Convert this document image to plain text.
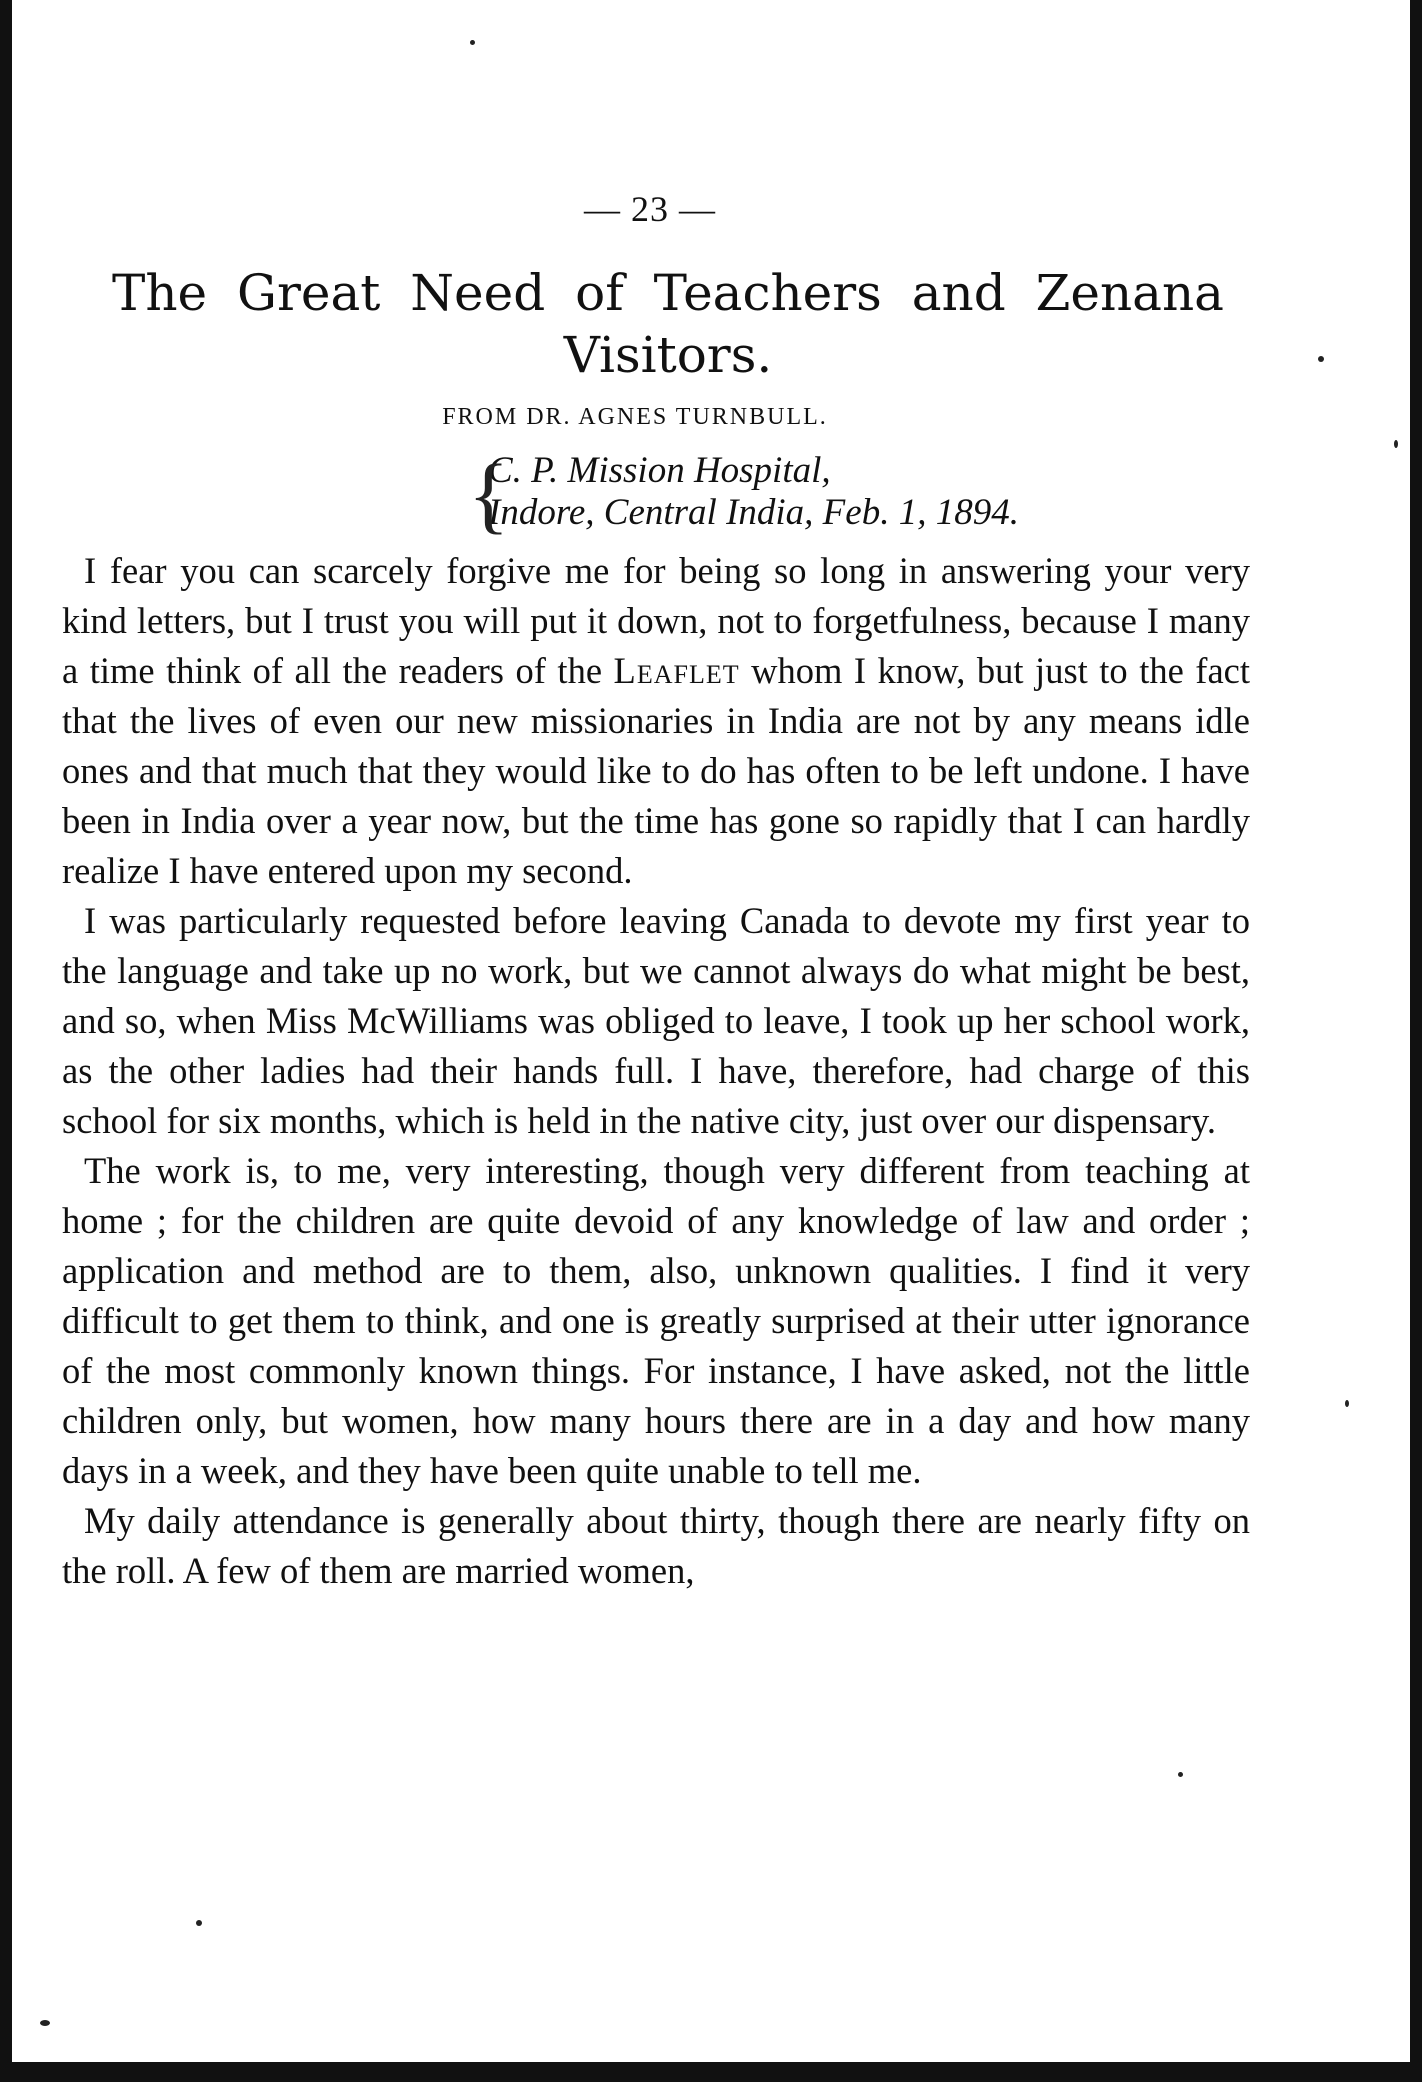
— 23 —
The Great Need of Teachers and Zenana Visitors.
FROM DR. AGNES TURNBULL.
{
C. P. Mission Hospital,
Indore, Central India, Feb. 1, 1894.

I fear you can scarcely forgive me for being so long in answering your very kind letters, but I trust you will put it down, not to forgetfulness, because I many a time think of all the readers of the Leaflet whom I know, but just to the fact that the lives of even our new missionaries in India are not by any means idle ones and that much that they would like to do has often to be left undone. I have been in India over a year now, but the time has gone so rapidly that I can hardly realize I have entered upon my second.

I was particularly requested before leaving Canada to devote my first year to the language and take up no work, but we cannot always do what might be best, and so, when Miss McWilliams was obliged to leave, I took up her school work, as the other ladies had their hands full. I have, therefore, had charge of this school for six months, which is held in the native city, just over our dispensary.

The work is, to me, very interesting, though very different from teaching at home ; for the children are quite devoid of any knowledge of law and order ; application and method are to them, also, unknown qualities. I find it very difficult to get them to think, and one is greatly surprised at their utter ignorance of the most commonly known things. For instance, I have asked, not the little children only, but women, how many hours there are in a day and how many days in a week, and they have been quite unable to tell me.

My daily attendance is generally about thirty, though there are nearly fifty on the roll. A few of them are married women,
